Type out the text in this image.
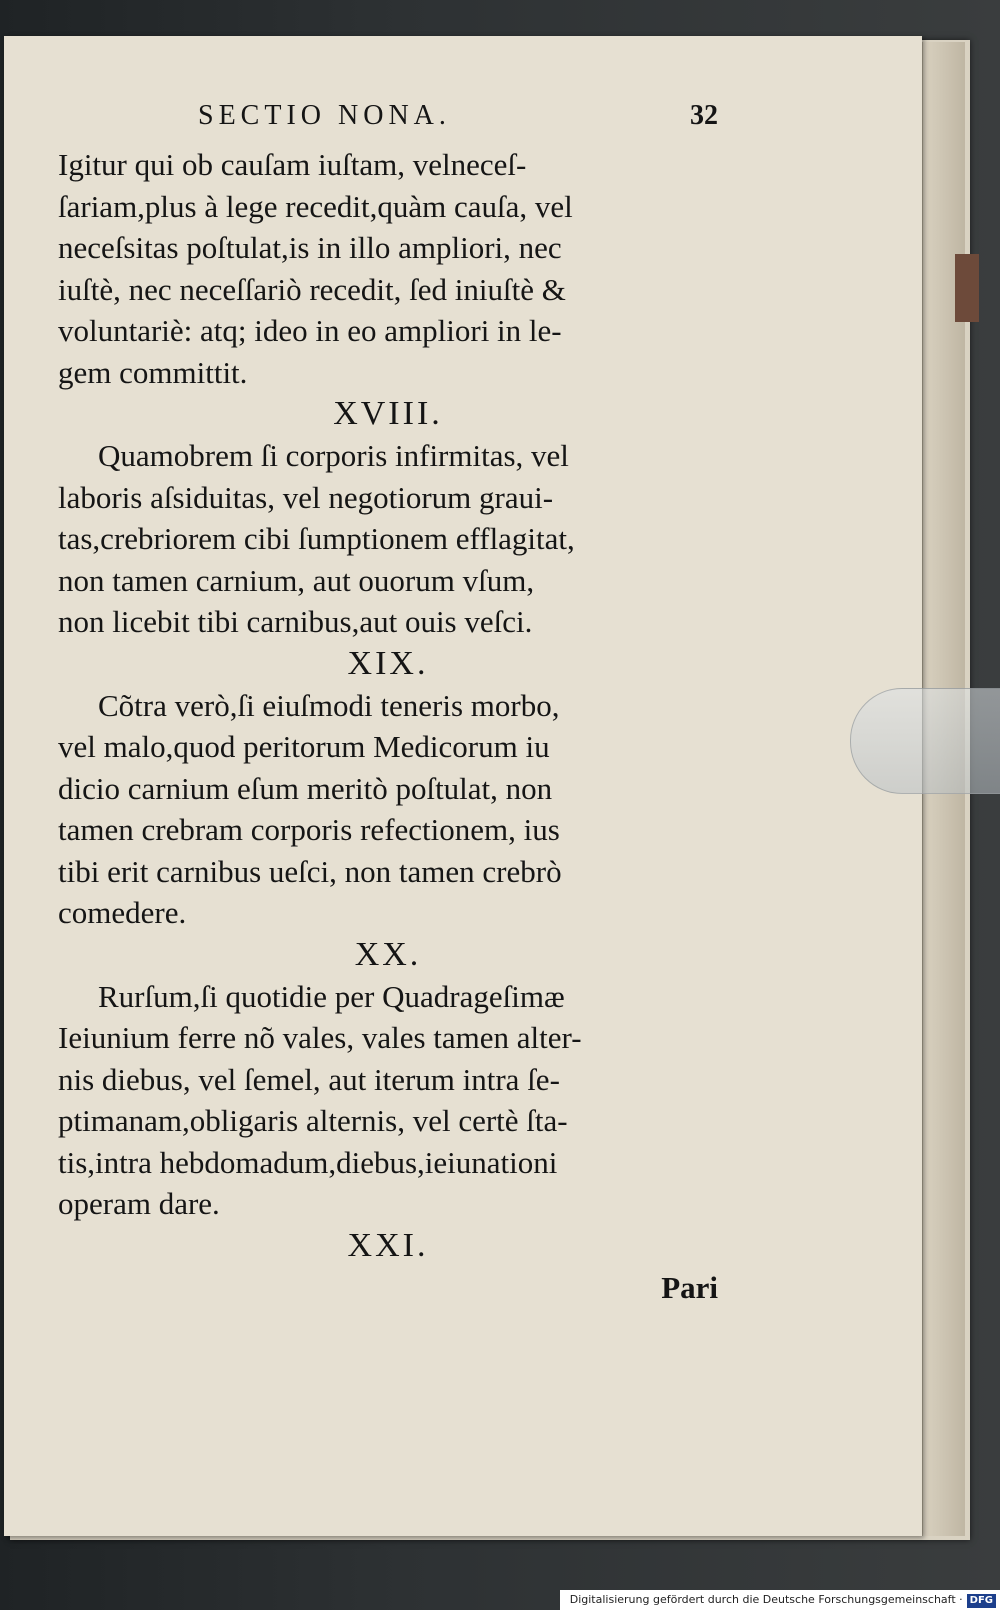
SECTIO NONA.	32
Igitur qui ob cauſam iuſtam, velneceſ-
ſariam,plus à lege recedit,quàm cauſa, vel
neceſsitas poſtulat,is in illo ampliori, nec
iuſtè, nec neceſſariò recedit, ſed iniuſtè &
voluntariè: atq; ideo in eo ampliori in le-
gem committit.
XVIII.
Quamobrem ſi corporis infirmitas, vel
laboris aſsiduitas, vel negotiorum graui-
tas,crebriorem cibi ſumptionem efflagitat,
non tamen carnium, aut ouorum vſum,
non licebit tibi carnibus,aut ouis veſci.
XIX.
Cõtra verò,ſi eiuſmodi teneris morbo,
vel malo,quod peritorum Medicorum iu
dicio carnium eſum meritò poſtulat, non
tamen crebram corporis refectionem, ius
tibi erit carnibus ueſci, non tamen crebrò
comedere.
XX.
Rurſum,ſi quotidie per Quadrageſimæ
Ieiunium ferre nõ vales, vales tamen alter-
nis diebus, vel ſemel, aut iterum intra ſe-
ptimanam,obligaris alternis, vel certè ſta-
tis,intra hebdomadum,diebus,ieiunationi
operam dare.
XXI.
Pari
Digitalisierung gefördert durch die Deutsche Forschungsgemeinschaft · DFG
